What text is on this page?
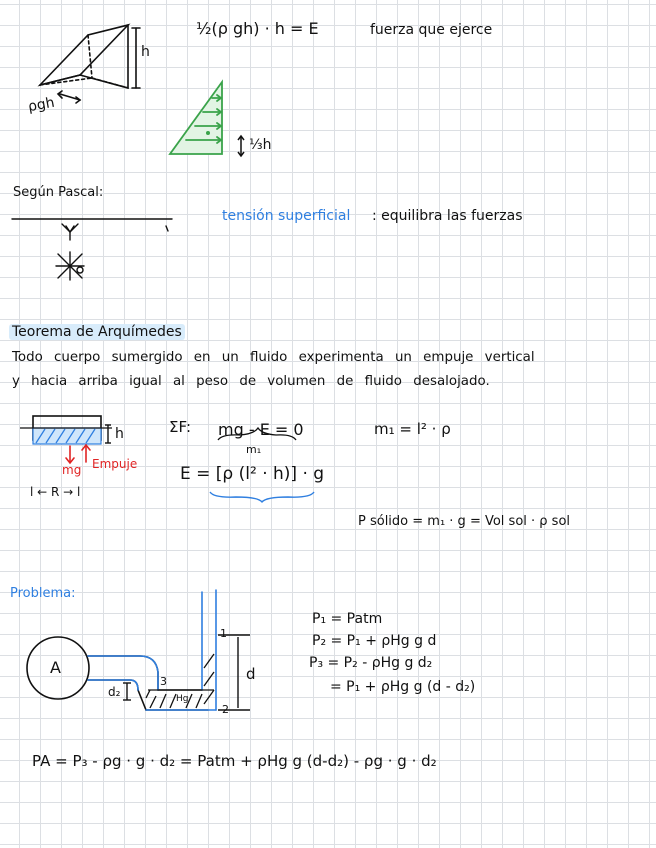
h
ρgh
½(ρ gh) · h = E	fuerza que ejerce
⅓h
Según Pascal:
tensión superficial : equilibra las fuerzas
Teorema de Arquímedes
Todo cuerpo sumergido en un fluido experimenta un empuje vertical
y hacia arriba igual al peso de volumen de fluido desalojado.
h
mg Empuje
l ← R → l
ΣF: mg - E = 0
m₁
m₁ = l² · ρ
E = [ρ (l² · h)] · g
P sólido = m₁ · g = Vol sol · ρ sol
Problema:
A
d₂
d
1
2
3
Hg
P₁ = Patm
P₂ = P₁ + ρHg g d
P₃ = P₂ - ρHg g d₂
= P₁ + ρHg g (d - d₂)
PA = P₃ - ρg · g · d₂ = Patm + ρHg g (d-d₂) - ρg · g · d₂
